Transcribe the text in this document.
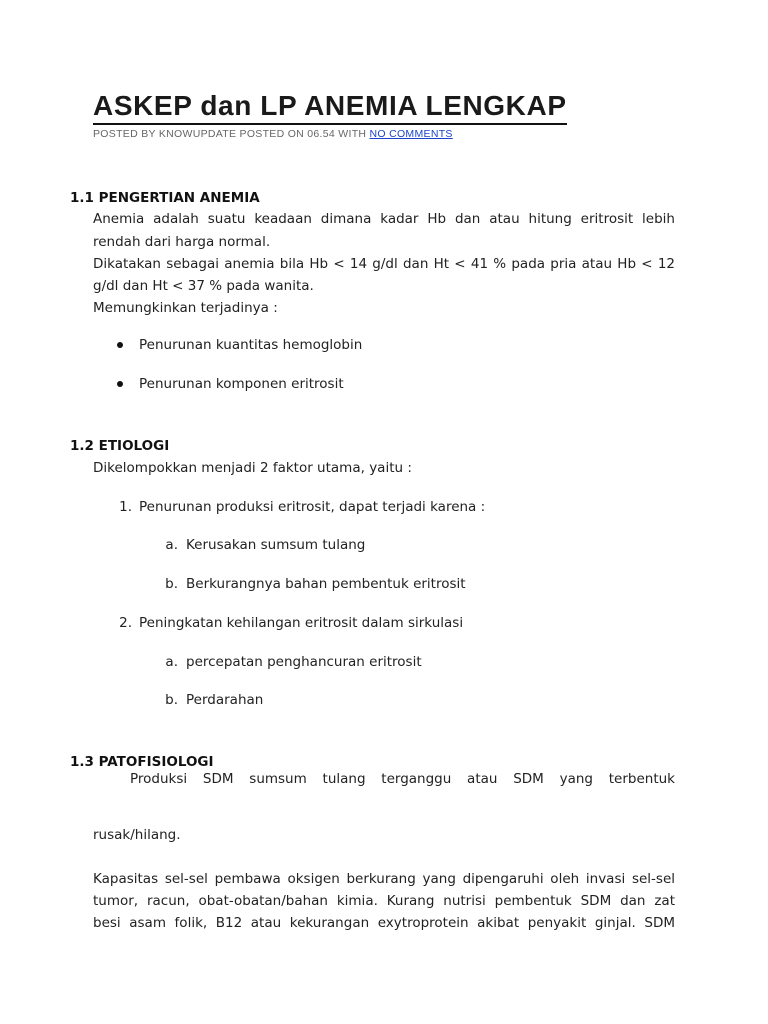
ASKEP dan LP ANEMIA LENGKAP
POSTED BY KNOWUPDATE POSTED ON 06.54 WITH NO COMMENTS
1.1 PENGERTIAN ANEMIA
Anemia adalah suatu keadaan dimana kadar Hb dan atau hitung eritrosit lebih
rendah dari harga normal.
Dikatakan sebagai anemia bila Hb < 14 g/dl dan Ht < 41 % pada pria atau Hb < 12
g/dl dan Ht < 37 % pada wanita.
Memungkinkan terjadinya :
Penurunan kuantitas hemoglobin
Penurunan komponen eritrosit
1.2 ETIOLOGI
Dikelompokkan menjadi 2 faktor utama, yaitu :
1. Penurunan produksi eritrosit, dapat terjadi karena :
a. Kerusakan sumsum tulang
b. Berkurangnya bahan pembentuk eritrosit
2. Peningkatan kehilangan eritrosit dalam sirkulasi
a. percepatan penghancuran eritrosit
b. Perdarahan
1.3 PATOFISIOLOGI
Produksi SDM sumsum tulang terganggu atau SDM yang terbentuk
rusak/hilang.
Kapasitas sel-sel pembawa oksigen berkurang yang dipengaruhi oleh invasi sel-sel
tumor, racun, obat-obatan/bahan kimia. Kurang nutrisi pembentuk SDM dan zat
besi asam folik, B12 atau kekurangan exytroprotein akibat penyakit ginjal. SDM
